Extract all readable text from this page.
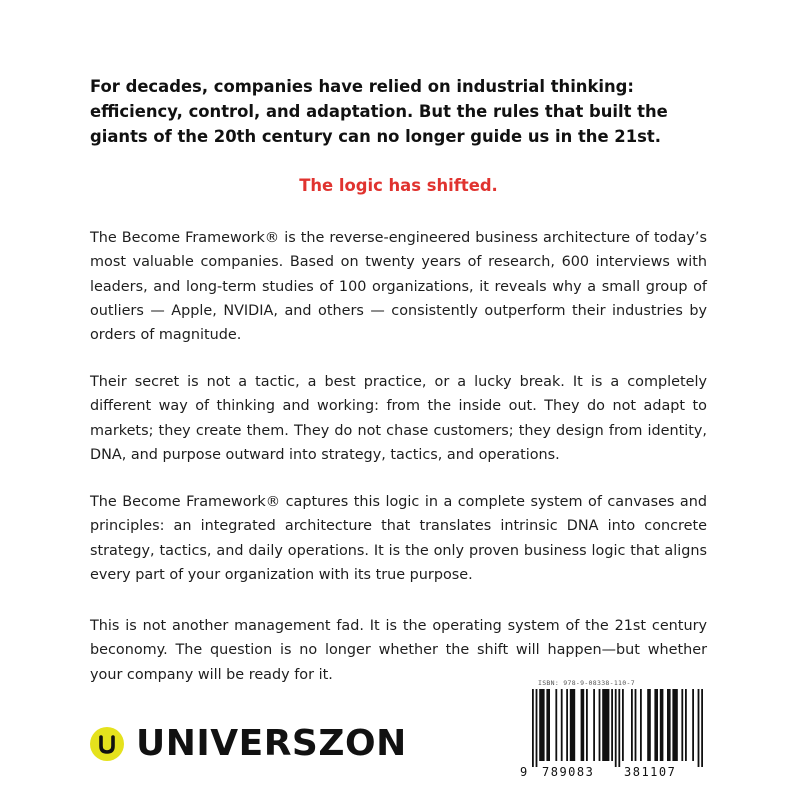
For decades, companies have relied on industrial thinking: efficiency, control, and adaptation. But the rules that built the giants of the 20th century can no longer guide us in the 21st.

The logic has shifted.

The Become Framework® is the reverse-engineered business architecture of today’s most valuable companies. Based on twenty years of research, 600 interviews with leaders, and long-term studies of 100 organizations, it reveals why a small group of outliers — Apple, NVIDIA, and others — consistently outperform their industries by orders of magnitude.

Their secret is not a tactic, a best practice, or a lucky break. It is a completely different way of thinking and working: from the inside out. They do not adapt to markets; they create them. They do not chase customers; they design from identity, DNA, and purpose outward into strategy, tactics, and operations.

The Become Framework® captures this logic in a complete system of canvases and principles: an integrated architecture that translates intrinsic DNA into concrete strategy, tactics, and daily operations. It is the only proven business logic that aligns every part of your organization with its true purpose.

This is not another management fad. It is the operating system of the 21st century beconomy. The question is no longer whether the shift will happen—but whether your company will be ready for it.

UNIVERSZON
ISBN: 978-9-08338-110-7
9 789083 381107
